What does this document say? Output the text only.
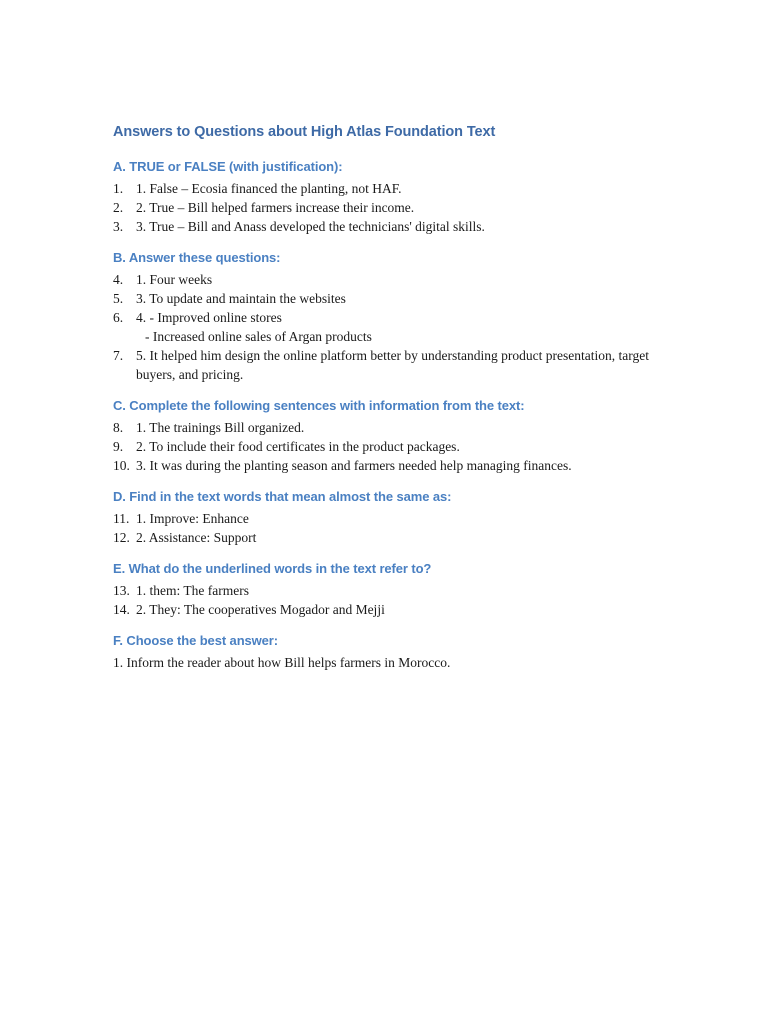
Answers to Questions about High Atlas Foundation Text
A. TRUE or FALSE (with justification):
1. 1. False – Ecosia financed the planting, not HAF.
2. 2. True – Bill helped farmers increase their income.
3. 3. True – Bill and Anass developed the technicians' digital skills.
B. Answer these questions:
4. 1. Four weeks
5. 3. To update and maintain the websites
6. 4. - Improved online stores
- Increased online sales of Argan products
7. 5. It helped him design the online platform better by understanding product presentation, target buyers, and pricing.
C. Complete the following sentences with information from the text:
8. 1. The trainings Bill organized.
9. 2. To include their food certificates in the product packages.
10. 3. It was during the planting season and farmers needed help managing finances.
D. Find in the text words that mean almost the same as:
11. 1. Improve: Enhance
12. 2. Assistance: Support
E. What do the underlined words in the text refer to?
13. 1. them: The farmers
14. 2. They: The cooperatives Mogador and Mejji
F. Choose the best answer:

1. Inform the reader about how Bill helps farmers in Morocco.
